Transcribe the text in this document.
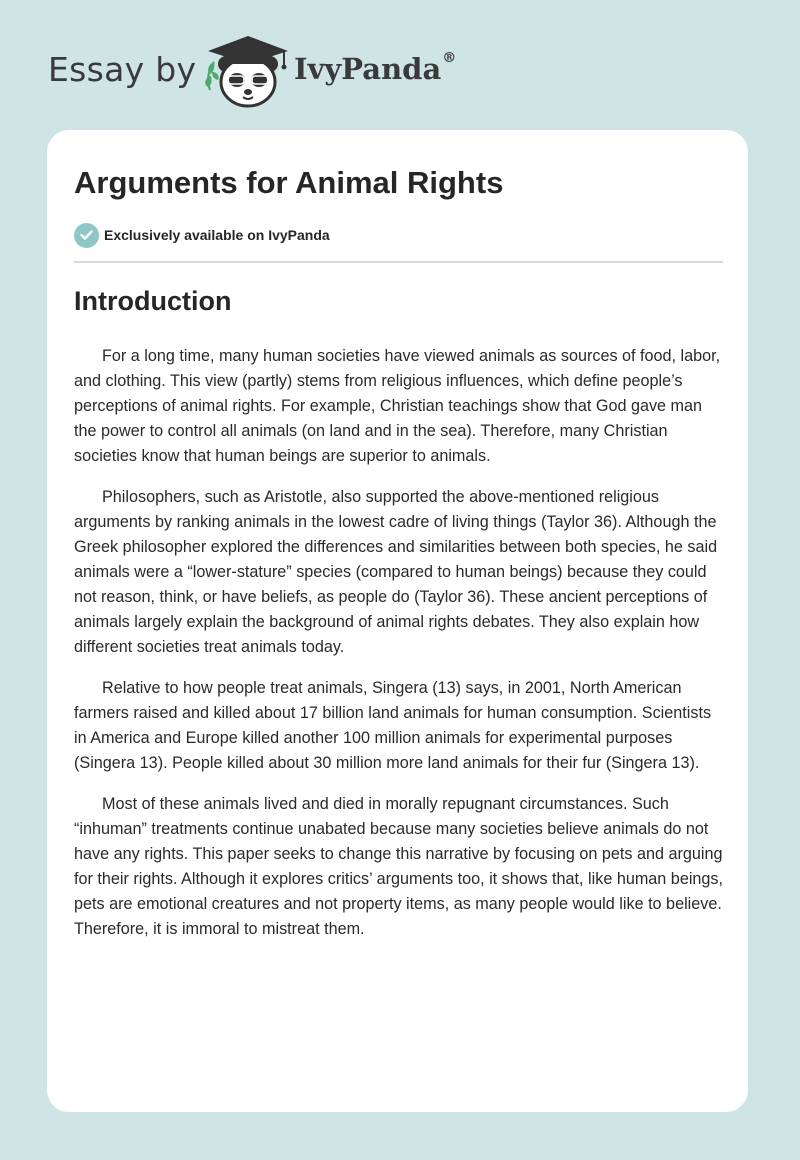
Essay by	IvyPanda®
Arguments for Animal Rights
Exclusively available on IvyPanda
Introduction

For a long time, many human societies have viewed animals as sources of food, labor, and clothing. This view (partly) stems from religious influences, which define people’s perceptions of animal rights. For example, Christian teachings show that God gave man the power to control all animals (on land and in the sea). Therefore, many Christian societies know that human beings are superior to animals.

Philosophers, such as Aristotle, also supported the above-mentioned religious arguments by ranking animals in the lowest cadre of living things (Taylor 36). Although the Greek philosopher explored the differences and similarities between both species, he said animals were a “lower-stature” species (compared to human beings) because they could not reason, think, or have beliefs, as people do (Taylor 36). These ancient perceptions of animals largely explain the background of animal rights debates. They also explain how different societies treat animals today.

Relative to how people treat animals, Singera (13) says, in 2001, North American farmers raised and killed about 17 billion land animals for human consumption. Scientists in America and Europe killed another 100 million animals for experimental purposes (Singera 13). People killed about 30 million more land animals for their fur (Singera 13).

Most of these animals lived and died in morally repugnant circumstances. Such “inhuman” treatments continue unabated because many societies believe animals do not have any rights. This paper seeks to change this narrative by focusing on pets and arguing for their rights. Although it explores critics’ arguments too, it shows that, like human beings, pets are emotional creatures and not property items, as many people would like to believe. Therefore, it is immoral to mistreat them.
